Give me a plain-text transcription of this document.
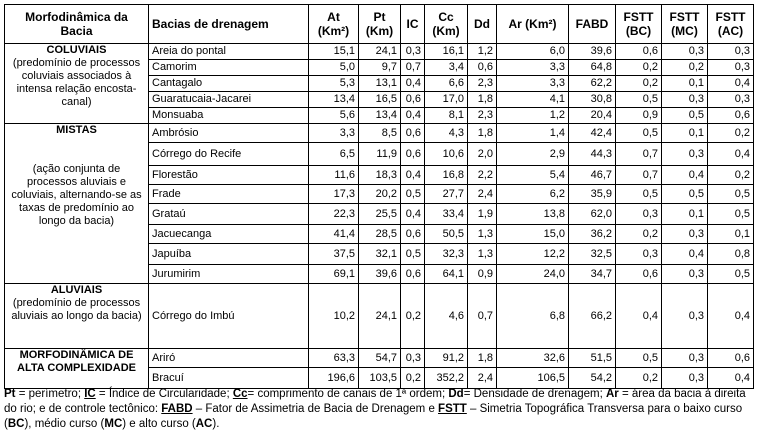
Morfodinâmica da Bacia	Bacias de drenagem	At (Km²)	Pt (Km)	IC	Cc (Km)	Dd	Ar (Km²)	FABD	FSTT (BC)	FSTT (MC)	FSTT (AC)

COLUVIAIS
(predomínio de processos coluviais associados à intensa relação encosta-canal)	Areia do pontal	15,1	24,1	0,3	16,1	1,2	6,0	39,6	0,6	0,3	0,3
	Camorim	5,0	9,7	0,7	3,4	0,6	3,3	64,8	0,2	0,2	0,3
	Cantagalo	5,3	13,1	0,4	6,6	2,3	3,3	62,2	0,2	0,1	0,4
	Guaratucaia-Jacarei	13,4	16,5	0,6	17,0	1,8	4,1	30,8	0,5	0,3	0,3
	Monsuaba	5,6	13,4	0,4	8,1	2,3	1,2	20,4	0,9	0,5	0,6

MISTAS
(ação conjunta de processos aluviais e coluviais, alternando-se as taxas de predomínio ao longo da bacia)	Ambrósio	3,3	8,5	0,6	4,3	1,8	1,4	42,4	0,5	0,1	0,2
	Córrego do Recife	6,5	11,9	0,6	10,6	2,0	2,9	44,3	0,7	0,3	0,4
	Florestão	11,6	18,3	0,4	16,8	2,2	5,4	46,7	0,7	0,4	0,2
	Frade	17,3	20,2	0,5	27,7	2,4	6,2	35,9	0,5	0,5	0,5
	Grataú	22,3	25,5	0,4	33,4	1,9	13,8	62,0	0,3	0,1	0,5
	Jacuecanga	41,4	28,5	0,6	50,5	1,3	15,0	36,2	0,2	0,3	0,1
	Japuíba	37,5	32,1	0,5	32,3	1,3	12,2	32,5	0,3	0,4	0,8
	Jurumirim	69,1	39,6	0,6	64,1	0,9	24,0	34,7	0,6	0,3	0,5

ALUVIAIS
(predomínio de processos aluviais ao longo da bacia)	Córrego do Imbú	10,2	24,1	0,2	4,6	0,7	6,8	66,2	0,4	0,3	0,4

MORFODINÂMICA DE ALTA COMPLEXIDADE	Ariró	63,3	54,7	0,3	91,2	1,8	32,6	51,5	0,5	0,3	0,6
	Bracuí	196,6	103,5	0,2	352,2	2,4	106,5	54,2	0,2	0,3	0,4
Pt = perímetro; IC = Índice de Circularidade; Cc= comprimento de canais de 1ª ordem; Dd= Densidade de drenagem; Ar = área da bacia à direita do rio; e de controle tectônico: FABD – Fator de Assimetria de Bacia de Drenagem e FSTT – Simetria Topográfica Transversa para o baixo curso (BC), médio curso (MC) e alto curso (AC).
